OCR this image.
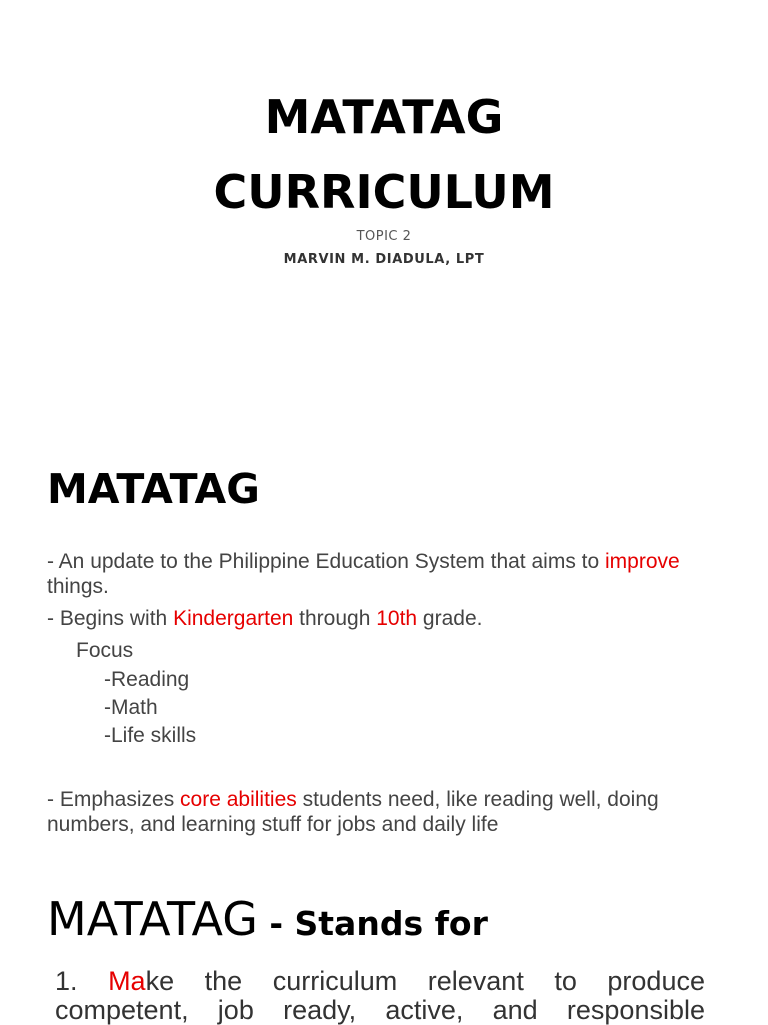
MATATAG
CURRICULUM
TOPIC 2
MARVIN M. DIADULA, LPT
MATATAG
- An update to the Philippine Education System that aims to improve things.
- Begins with Kindergarten through 10th grade.
Focus
-Reading
-Math
-Life skills
- Emphasizes core abilities students need, like reading well, doing numbers, and learning stuff for jobs and daily life
MATATAG - Stands for

1. Make the curriculum relevant to produce competent, job ready, active, and responsible
